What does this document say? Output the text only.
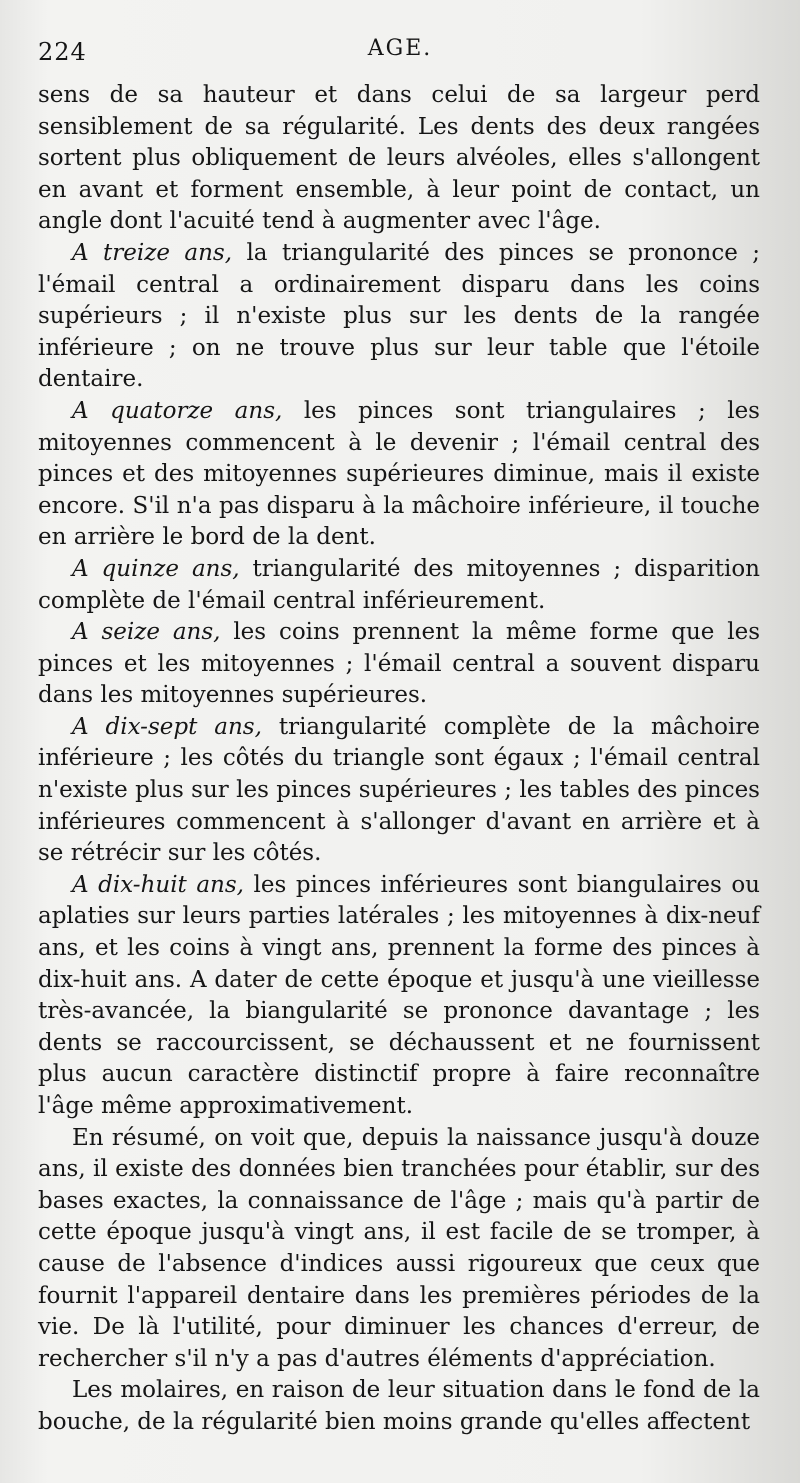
224	AGE.

sens de sa hauteur et dans celui de sa largeur perd sensiblement de sa régularité. Les dents des deux rangées sortent plus obliquement de leurs alvéoles, elles s'allongent en avant et forment ensemble, à leur point de contact, un angle dont l'acuité tend à augmenter avec l'âge.

A treize ans, la triangularité des pinces se prononce ; l'émail central a ordinairement disparu dans les coins supérieurs ; il n'existe plus sur les dents de la rangée inférieure ; on ne trouve plus sur leur table que l'étoile dentaire.

A quatorze ans, les pinces sont triangulaires ; les mitoyennes commencent à le devenir ; l'émail central des pinces et des mitoyennes supérieures diminue, mais il existe encore. S'il n'a pas disparu à la mâchoire inférieure, il touche en arrière le bord de la dent.

A quinze ans, triangularité des mitoyennes ; disparition complète de l'émail central inférieurement.

A seize ans, les coins prennent la même forme que les pinces et les mitoyennes ; l'émail central a souvent disparu dans les mitoyennes supérieures.

A dix-sept ans, triangularité complète de la mâchoire inférieure ; les côtés du triangle sont égaux ; l'émail central n'existe plus sur les pinces supérieures ; les tables des pinces inférieures commencent à s'allonger d'avant en arrière et à se rétrécir sur les côtés.

A dix-huit ans, les pinces inférieures sont biangulaires ou aplaties sur leurs parties latérales ; les mitoyennes à dix-neuf ans, et les coins à vingt ans, prennent la forme des pinces à dix-huit ans. A dater de cette époque et jusqu'à une vieillesse très-avancée, la biangularité se prononce davantage ; les dents se raccourcissent, se déchaussent et ne fournissent plus aucun caractère distinctif propre à faire reconnaître l'âge même approximativement.

En résumé, on voit que, depuis la naissance jusqu'à douze ans, il existe des données bien tranchées pour établir, sur des bases exactes, la connaissance de l'âge ; mais qu'à partir de cette époque jusqu'à vingt ans, il est facile de se tromper, à cause de l'absence d'indices aussi rigoureux que ceux que fournit l'appareil dentaire dans les premières périodes de la vie. De là l'utilité, pour diminuer les chances d'erreur, de rechercher s'il n'y a pas d'autres éléments d'appréciation.

Les molaires, en raison de leur situation dans le fond de la bouche, de la régularité bien moins grande qu'elles affectent
